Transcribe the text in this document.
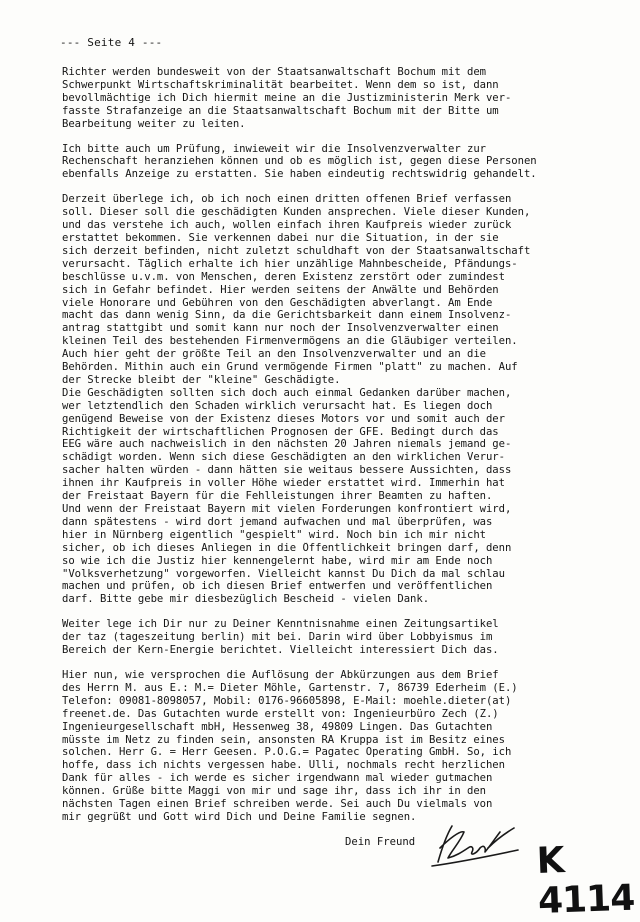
--- Seite 4 ---
Richter werden bundesweit von der Staatsanwaltschaft Bochum mit dem
Schwerpunkt Wirtschaftskriminalität bearbeitet. Wenn dem so ist, dann
bevollmächtige ich Dich hiermit meine an die Justizministerin Merk ver-
fasste Strafanzeige an die Staatsanwaltschaft Bochum mit der Bitte um
Bearbeitung weiter zu leiten.
Ich bitte auch um Prüfung, inwieweit wir die Insolvenzverwalter zur
Rechenschaft heranziehen können und ob es möglich ist, gegen diese Personen
ebenfalls Anzeige zu erstatten. Sie haben eindeutig rechtswidrig gehandelt.
Derzeit überlege ich, ob ich noch einen dritten offenen Brief verfassen
soll. Dieser soll die geschädigten Kunden ansprechen. Viele dieser Kunden,
und das verstehe ich auch, wollen einfach ihren Kaufpreis wieder zurück
erstattet bekommen. Sie verkennen dabei nur die Situation, in der sie
sich derzeit befinden, nicht zuletzt schuldhaft von der Staatsanwaltschaft
verursacht. Täglich erhalte ich hier unzählige Mahnbescheide, Pfändungs-
beschlüsse u.v.m. von Menschen, deren Existenz zerstört oder zumindest
sich in Gefahr befindet. Hier werden seitens der Anwälte und Behörden
viele Honorare und Gebühren von den Geschädigten abverlangt. Am Ende
macht das dann wenig Sinn, da die Gerichtsbarkeit dann einem Insolvenz-
antrag stattgibt und somit kann nur noch der Insolvenzverwalter einen
kleinen Teil des bestehenden Firmenvermögens an die Gläubiger verteilen.
Auch hier geht der größte Teil an den Insolvenzverwalter und an die
Behörden. Mithin auch ein Grund vermögende Firmen "platt" zu machen. Auf
der Strecke bleibt der "kleine" Geschädigte.
Die Geschädigten sollten sich doch auch einmal Gedanken darüber machen,
wer letztendlich den Schaden wirklich verursacht hat. Es liegen doch
genügend Beweise von der Existenz dieses Motors vor und somit auch der
Richtigkeit der wirtschaftlichen Prognosen der GFE. Bedingt durch das
EEG wäre auch nachweislich in den nächsten 20 Jahren niemals jemand ge-
schädigt worden. Wenn sich diese Geschädigten an den wirklichen Verur-
sacher halten würden - dann hätten sie weitaus bessere Aussichten, dass
ihnen ihr Kaufpreis in voller Höhe wieder erstattet wird. Immerhin hat
der Freistaat Bayern für die Fehlleistungen ihrer Beamten zu haften.
Und wenn der Freistaat Bayern mit vielen Forderungen konfrontiert wird,
dann spätestens - wird dort jemand aufwachen und mal überprüfen, was
hier in Nürnberg eigentlich "gespielt" wird. Noch bin ich mir nicht
sicher, ob ich dieses Anliegen in die Öffentlichkeit bringen darf, denn
so wie ich die Justiz hier kennengelernt habe, wird mir am Ende noch
"Volksverhetzung" vorgeworfen. Vielleicht kannst Du Dich da mal schlau
machen und prüfen, ob ich diesen Brief entwerfen und veröffentlichen
darf. Bitte gebe mir diesbezüglich Bescheid - vielen Dank.
Weiter lege ich Dir nur zu Deiner Kenntnisnahme einen Zeitungsartikel
der taz (tageszeitung berlin) mit bei. Darin wird über Lobbyismus im
Bereich der Kern-Energie berichtet. Vielleicht interessiert Dich das.
Hier nun, wie versprochen die Auflösung der Abkürzungen aus dem Brief
des Herrn M. aus E.: M.= Dieter Möhle, Gartenstr. 7, 86739 Ederheim (E.)
Telefon: 09081-8098057, Mobil: 0176-96605898, E-Mail: moehle.dieter(at)
freenet.de. Das Gutachten wurde erstellt von: Ingenieurbüro Zech (Z.)
Ingenieurgesellschaft mbH, Hessenweg 38, 49809 Lingen. Das Gutachten
müsste im Netz zu finden sein, ansonsten RA Kruppa ist im Besitz eines
solchen. Herr G. = Herr Geesen. P.O.G.= Pagatec Operating GmbH. So, ich
hoffe, dass ich nichts vergessen habe. Ulli, nochmals recht herzlichen
Dank für alles - ich werde es sicher irgendwann mal wieder gutmachen
können. Grüße bitte Maggi von mir und sage ihr, dass ich ihr in den
nächsten Tagen einen Brief schreiben werde. Sei auch Du vielmals von
mir gegrüßt und Gott wird Dich und Deine Familie segnen.
Dein Freund	K 4114
